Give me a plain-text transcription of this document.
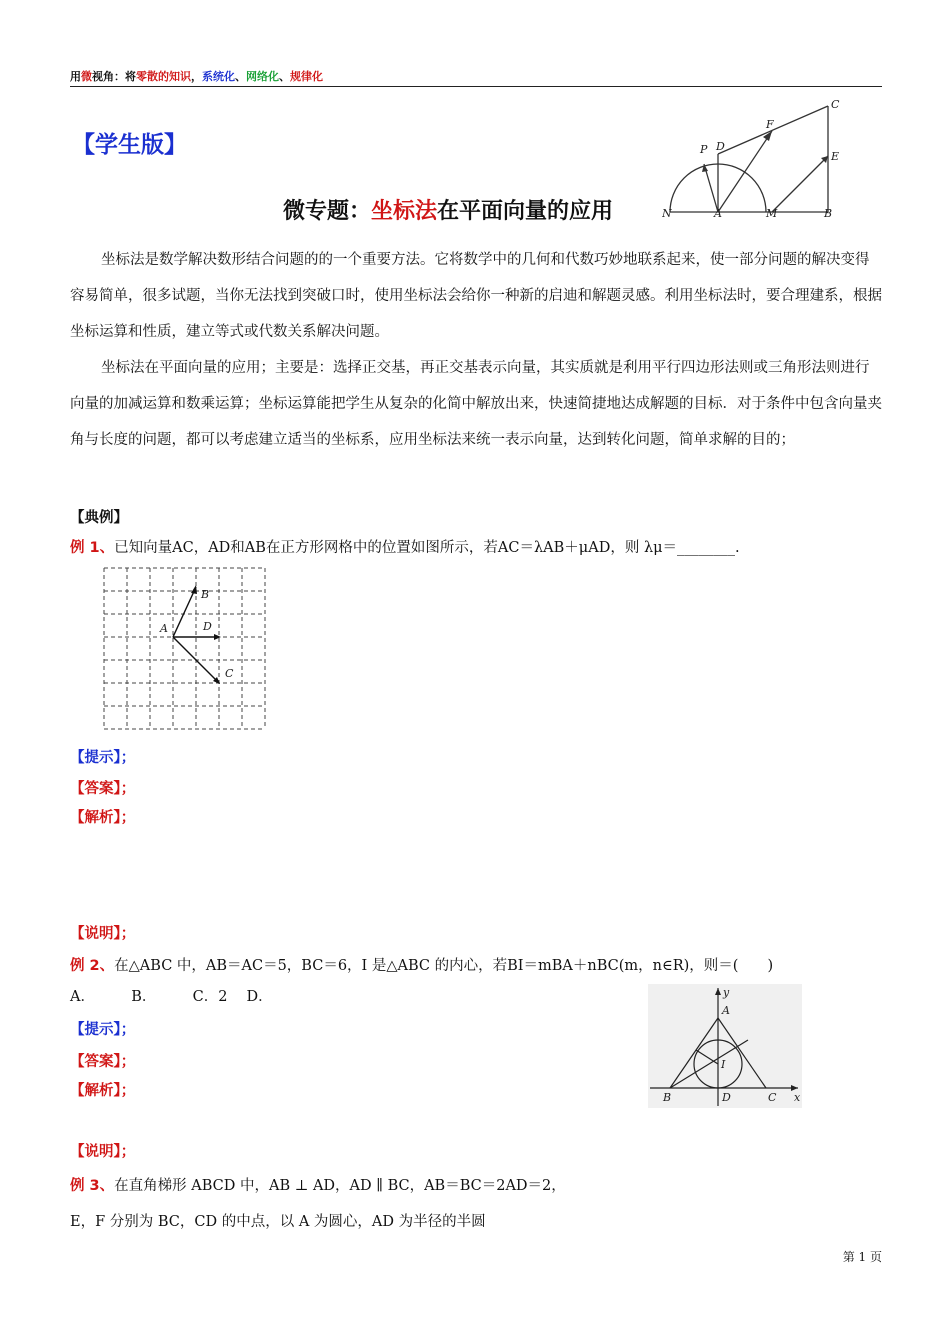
用微视角：将零散的知识，系统化、网络化、规律化
【学生版】
N	A	M	B
C
D
E
F
P
微专题：坐标法在平面向量的应用

坐标法是数学解决数形结合问题的的一个重要方法。它将数学中的几何和代数巧妙地联系起来，使一部分问题的解决变得容易简单，很多试题，当你无法找到突破口时，使用坐标法会给你一种新的启迪和解题灵感。利用坐标法时，要合理建系，根据坐标运算和性质，建立等式或代数关系解决问题。

坐标法在平面向量的应用；主要是：选择正交基，再正交基表示向量，其实质就是利用平行四边形法则或三角形法则进行向量的加减运算和数乘运算；坐标运算能把学生从复杂的化简中解放出来，快速简捷地达成解题的目标．对于条件中包含向量夹角与长度的问题，都可以考虑建立适当的坐标系，应用坐标法来统一表示向量，达到转化问题，简单求解的目的；

【典例】
例 1、已知向量AC，AD和AB在正方形网格中的位置如图所示，若AC＝λAB＋μAD，则 λμ＝________.
A
B
C
D
【提示】；
【答案】；
【解析】；
【说明】；
例 2、在△ABC 中，AB＝AC＝5，BC＝6，I 是△ABC 的内心，若BI＝mBA＋nBC(m，n∈R)，则＝(　　)
A．　　　B．　　　C．2　 D．	y
x
A
B	C
D
I
【提示】；
【答案】；
【解析】；
【说明】；
例 3、在直角梯形 ABCD 中，AB ⊥ AD，AD ∥ BC，AB＝BC＝2AD＝2，
E，F 分别为 BC，CD 的中点，以 A 为圆心，AD 为半径的半圆
第 1 页
